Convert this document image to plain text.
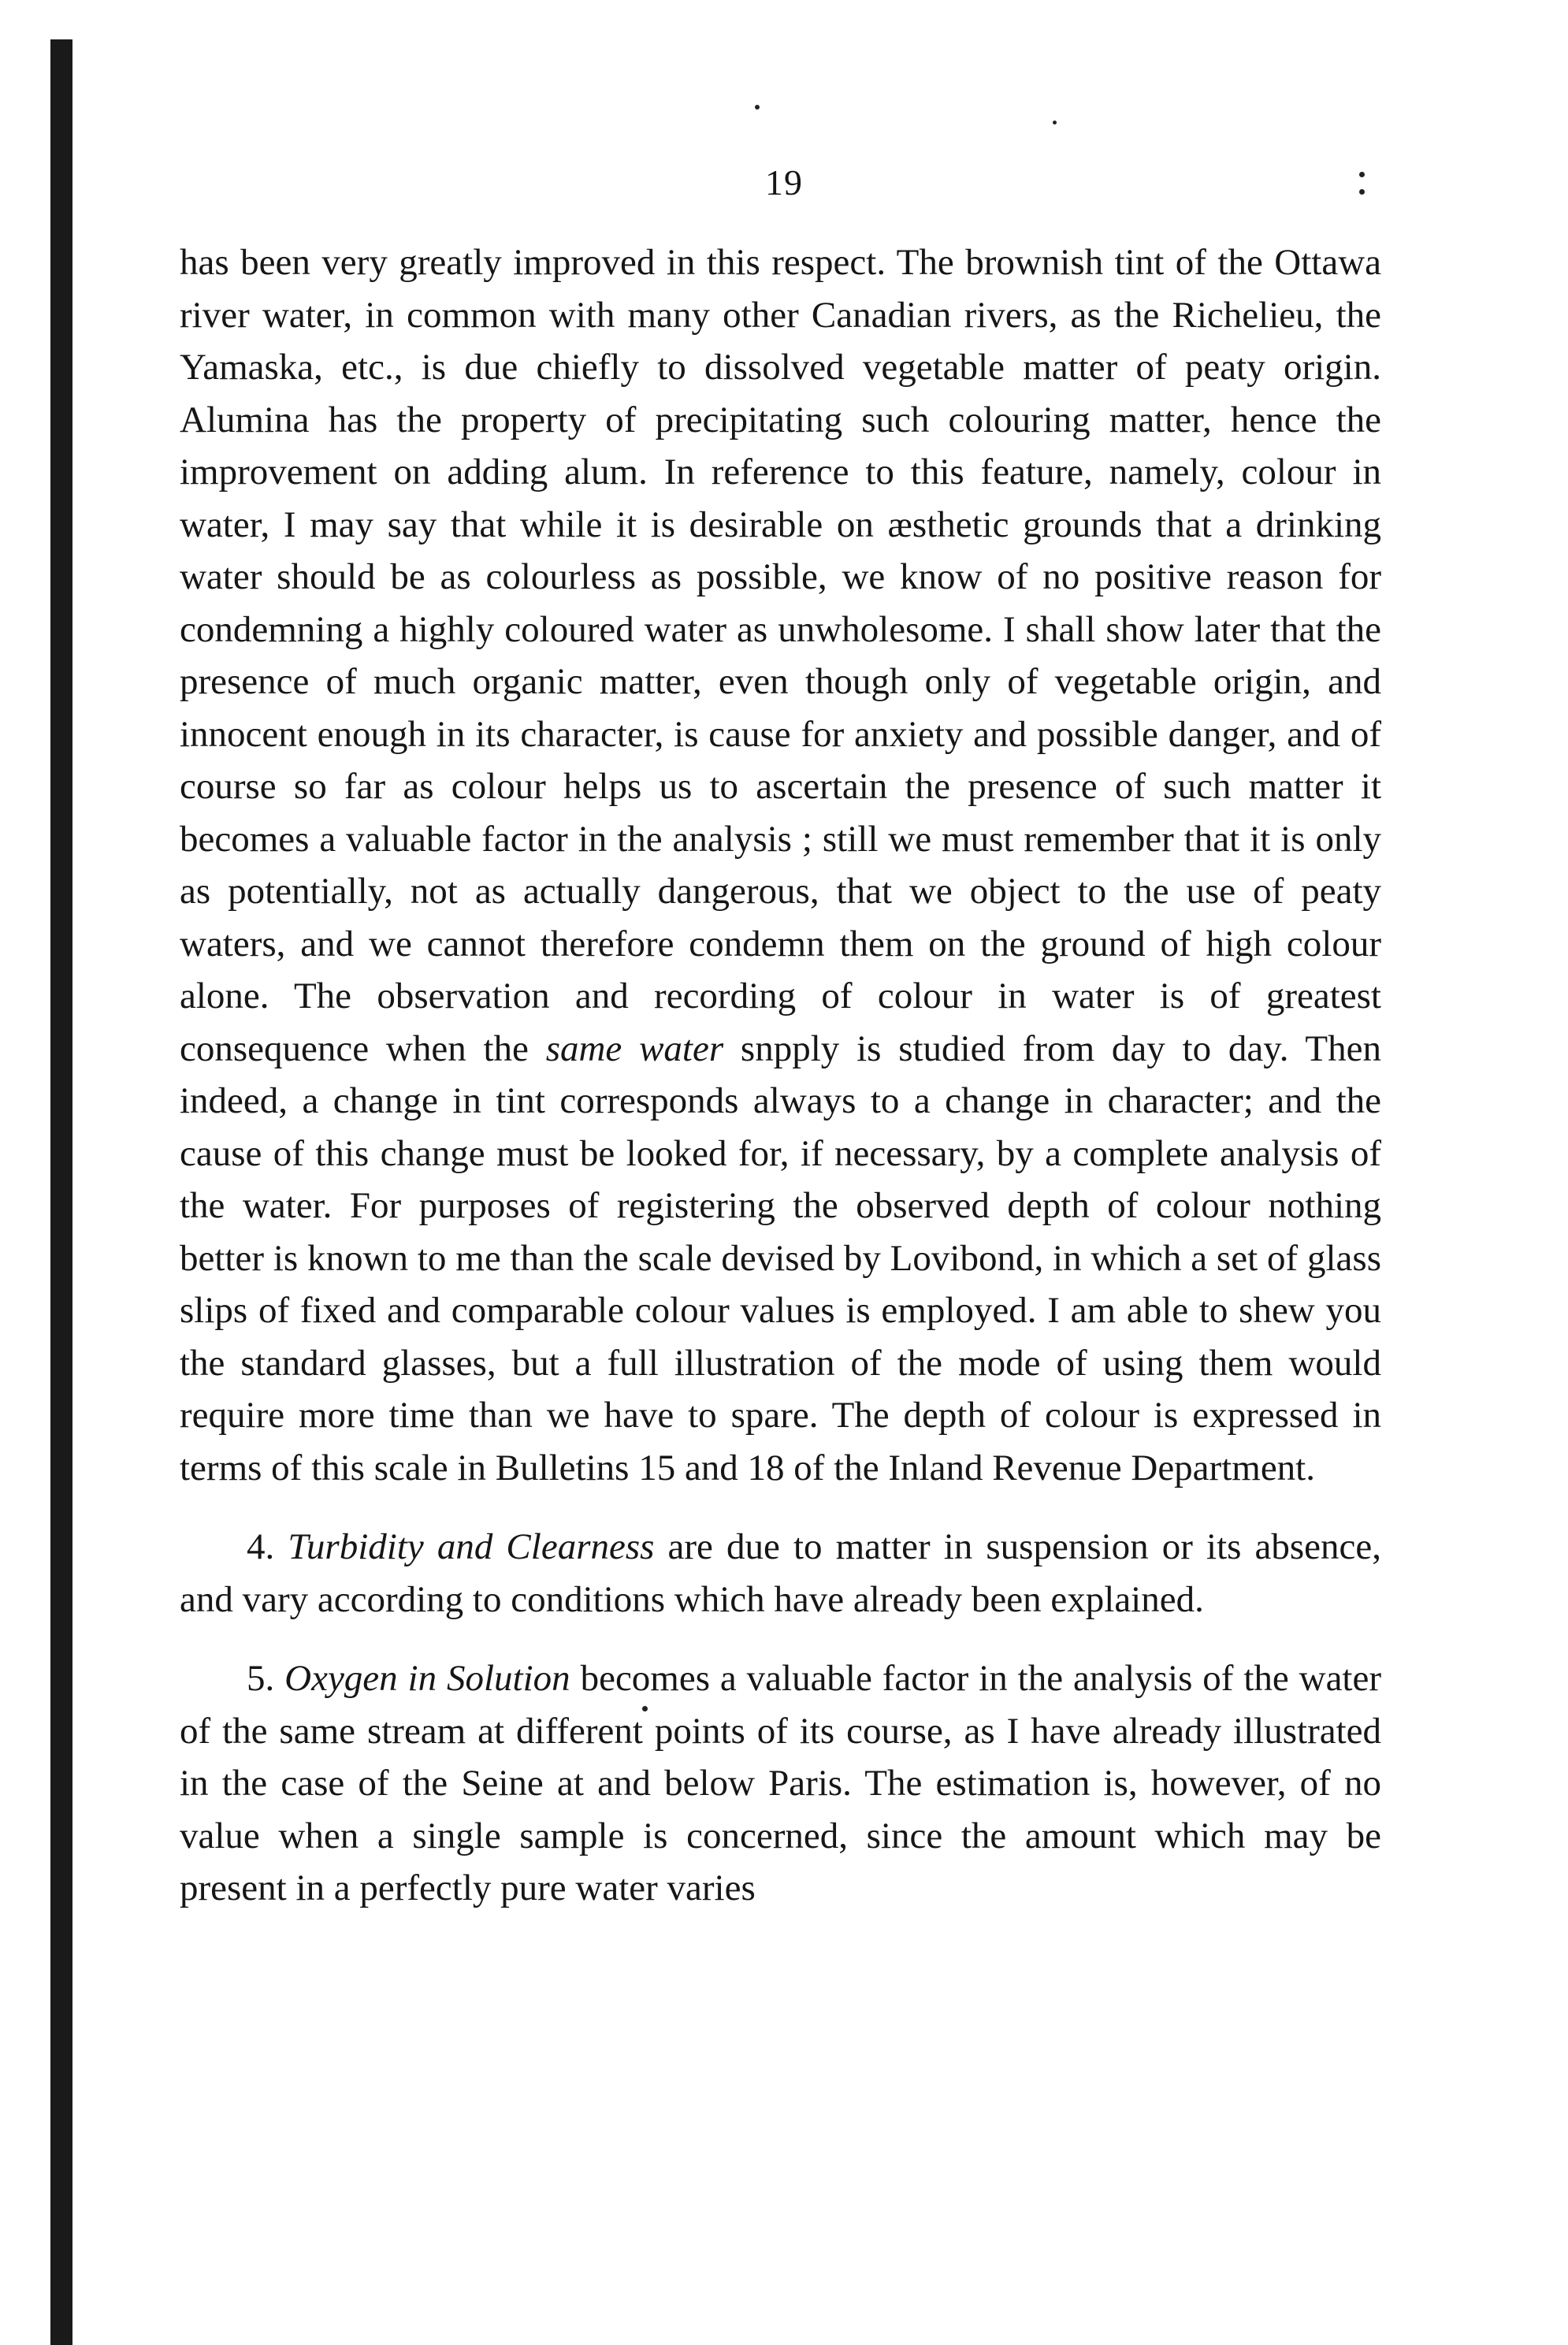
19

has been very greatly improved in this respect. The brownish tint of the Ottawa river water, in common with many other Canadian rivers, as the Richelieu, the Yamaska, etc., is due chiefly to dissolved vegetable matter of peaty origin. Alumina has the property of precipitating such colouring matter, hence the improvement on adding alum. In reference to this feature, namely, colour in water, I may say that while it is desirable on æsthetic grounds that a drinking water should be as colourless as possible, we know of no positive reason for condemning a highly coloured water as unwholesome. I shall show later that the presence of much organic matter, even though only of vegetable origin, and innocent enough in its character, is cause for anxiety and possible danger, and of course so far as colour helps us to ascertain the presence of such matter it becomes a valuable factor in the analysis ; still we must remember that it is only as potentially, not as actually dangerous, that we object to the use of peaty waters, and we cannot therefore condemn them on the ground of high colour alone. The observation and recording of colour in water is of greatest consequence when the same water snpply is studied from day to day. Then indeed, a change in tint corresponds always to a change in character; and the cause of this change must be looked for, if necessary, by a complete analysis of the water. For purposes of registering the observed depth of colour nothing better is known to me than the scale devised by Lovibond, in which a set of glass slips of fixed and comparable colour values is employed. I am able to shew you the standard glasses, but a full illustration of the mode of using them would require more time than we have to spare. The depth of colour is expressed in terms of this scale in Bulletins 15 and 18 of the Inland Revenue Department.

4. Turbidity and Clearness are due to matter in suspension or its absence, and vary according to conditions which have already been explained.

5. Oxygen in Solution becomes a valuable factor in the analysis of the water of the same stream at different points of its course, as I have already illustrated in the case of the Seine at and below Paris. The estimation is, however, of no value when a single sample is concerned, since the amount which may be present in a perfectly pure water varies
